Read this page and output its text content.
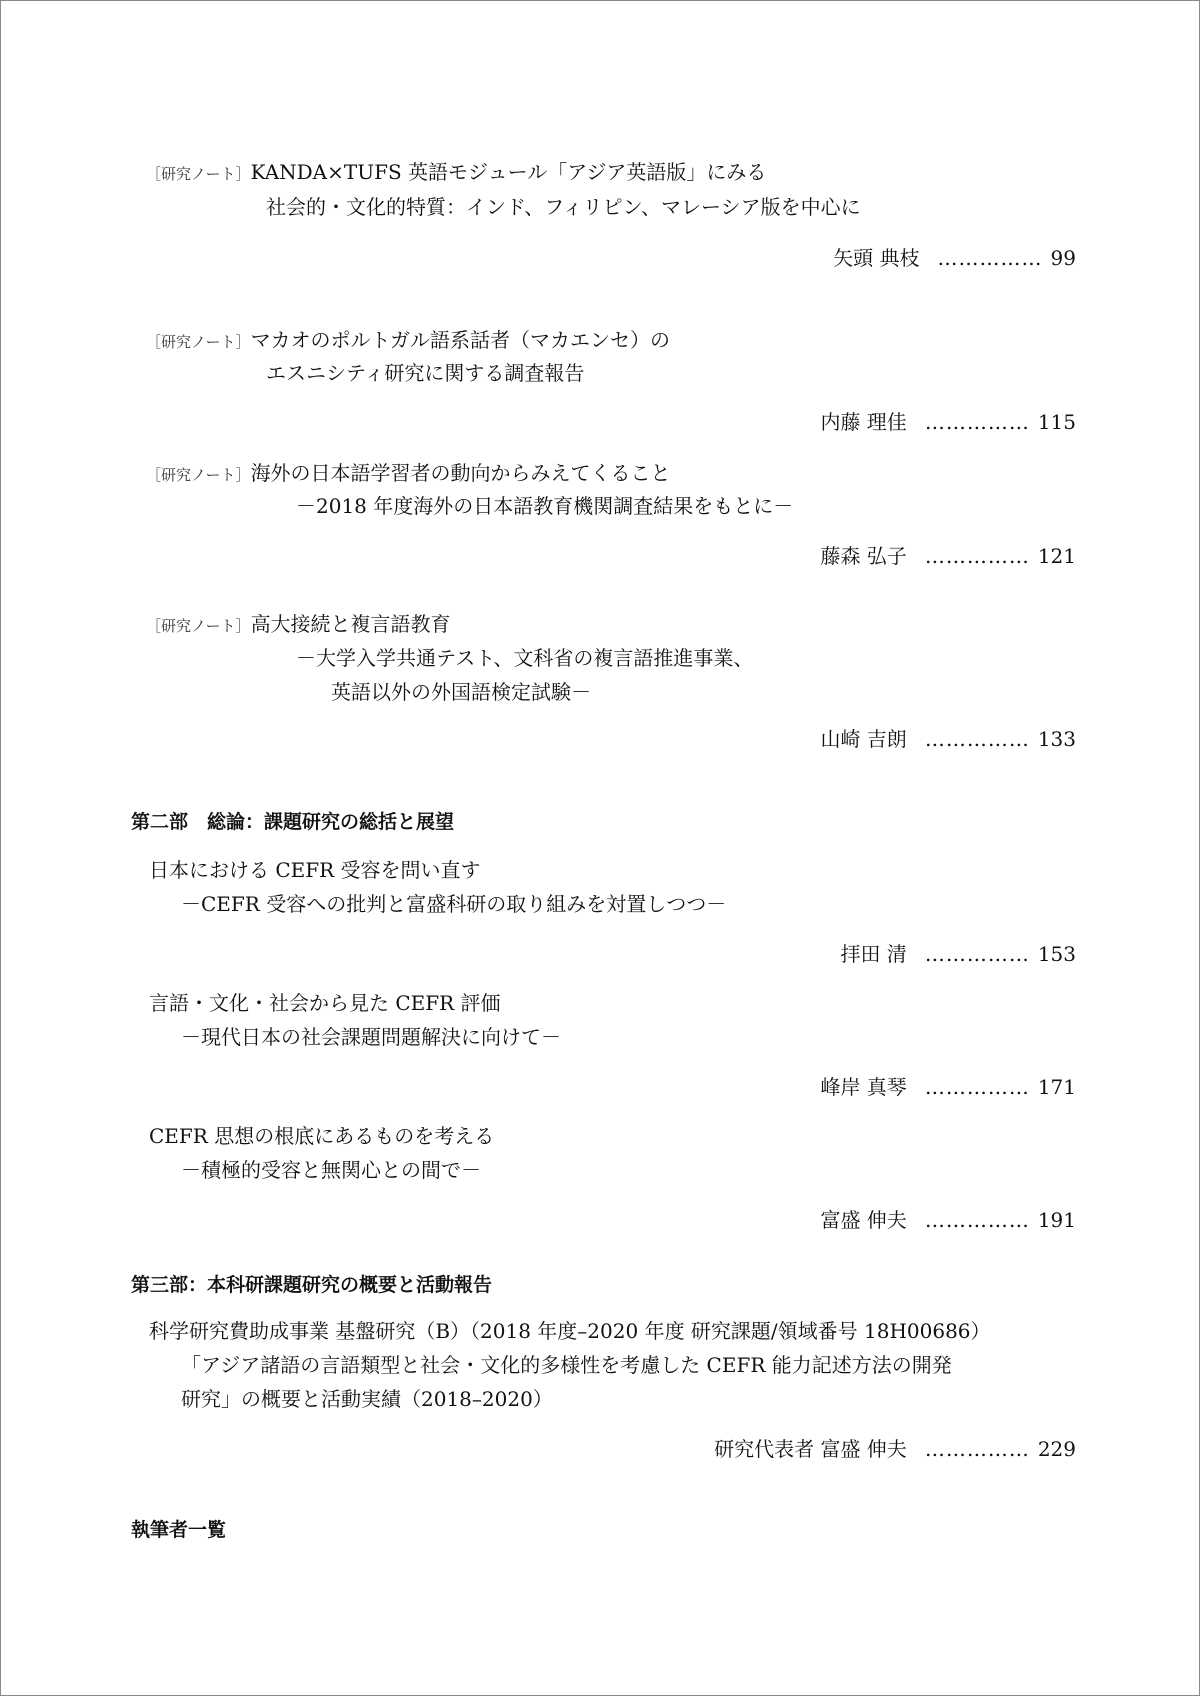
［研究ノート］KANDA×TUFS 英語モジュール「アジア英語版」にみる
社会的・文化的特質：インド、フィリピン、マレーシア版を中心に
矢頭 典枝 …………… 99
［研究ノート］マカオのポルトガル語系話者（マカエンセ）の
エスニシティ研究に関する調査報告
内藤 理佳 …………… 115
［研究ノート］海外の日本語学習者の動向からみえてくること
－2018 年度海外の日本語教育機関調査結果をもとに－
藤森 弘子 …………… 121
［研究ノート］高大接続と複言語教育
－大学入学共通テスト、文科省の複言語推進事業、
英語以外の外国語検定試験－
山崎 吉朗 …………… 133
第二部　総論：課題研究の総括と展望
日本における CEFR 受容を問い直す
－CEFR 受容への批判と富盛科研の取り組みを対置しつつ－
拝田 清 …………… 153
言語・文化・社会から見た CEFR 評価
－現代日本の社会課題問題解決に向けて－
峰岸 真琴 …………… 171
CEFR 思想の根底にあるものを考える
－積極的受容と無関心との間で－
富盛 伸夫 …………… 191
第三部：本科研課題研究の概要と活動報告
科学研究費助成事業 基盤研究（B）（2018 年度–2020 年度 研究課題/領域番号 18H00686）
「アジア諸語の言語類型と社会・文化的多様性を考慮した CEFR 能力記述方法の開発
研究」の概要と活動実績（2018–2020）
研究代表者 富盛 伸夫 …………… 229
執筆者一覧
